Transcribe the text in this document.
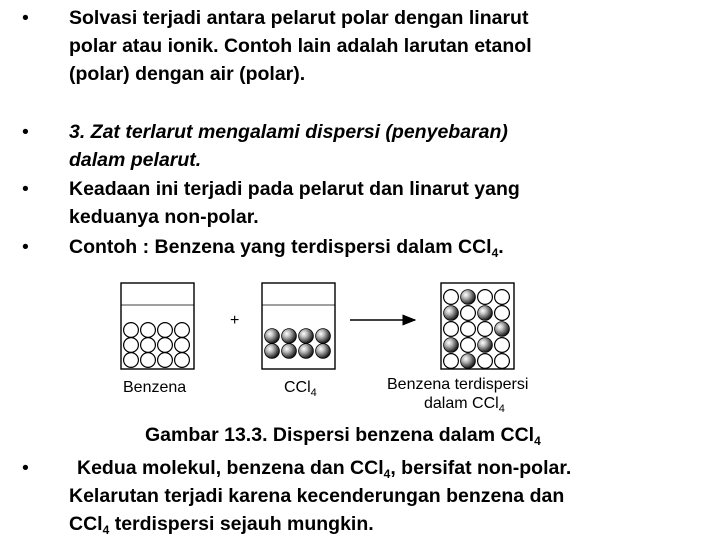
• Solvasi terjadi antara pelarut polar dengan linarut
polar atau ionik. Contoh lain adalah larutan etanol
(polar) dengan air (polar).
• 3. Zat terlarut mengalami dispersi (penyebaran)
dalam pelarut.
• Keadaan ini terjadi pada pelarut dan linarut yang
keduanya non-polar.
• Contoh : Benzena yang terdispersi dalam CCl$_4$.
+
Benzena	CCl$_4$	Benzena terdispersi
dalam CCl$_4$
Gambar 13.3. Dispersi benzena dalam CCl$_4$
• Kedua molekul, benzena dan CCl$_4$, bersifat non-polar.
Kelarutan terjadi karena kecenderungan benzena dan
CCl$_4$ terdispersi sejauh mungkin.
